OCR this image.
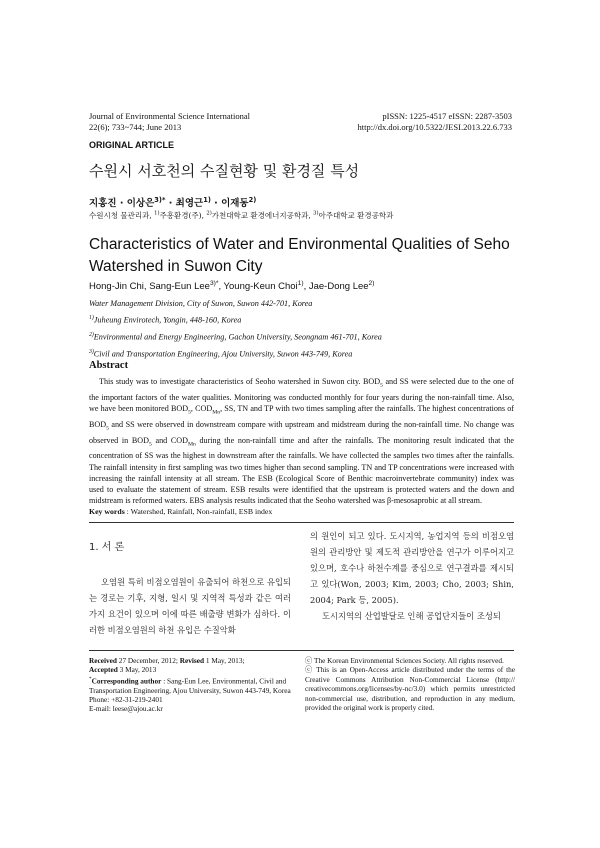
Journal of Environmental Science International
22(6); 733~744; June 2013
pISSN: 1225-4517 eISSN: 2287-3503
http://dx.doi.org/10.5322/JESI.2013.22.6.733
ORIGINAL ARTICLE
수원시 서호천의 수질현황 및 환경질 특성
지홍진 · 이상은$^{3)*}$ · 최영근$^{1)}$ · 이재동$^{2)}$
수원시청 물관리과, $^{1)}$주흥환경(주), $^{2)}$가천대학교 환경에너지공학과, $^{3)}$아주대학교 환경공학과
Characteristics of Water and Environmental Qualities of Seho Watershed in Suwon City
Hong-Jin Chi, Sang-Eun Lee$^{3)*}$, Young-Keun Choi$^{1)}$, Jae-Dong Lee$^{2)}$
Water Management Division, City of Suwon, Suwon 442-701, Korea
$^{1)}$Juheung Envirotech, Yongin, 448-160, Korea
$^{2)}$Environmental and Energy Engineering, Gachon University, Seongnam 461-701, Korea
$^{3)}$Civil and Transportation Engineering, Ajou University, Suwon 443-749, Korea
Abstract
This study was to investigate characteristics of Seoho watershed in Suwon city. $BOD_5$ and SS were selected due to the one of the important factors of the water qualities. Monitoring was conducted monthly for four years during the non-rainfall time. Also, we have been monitored $BOD_5$, $COD_{Mn}$, SS, TN and TP with two times sampling after the rainfalls. The highest concentrations of $BOD_5$ and SS were observed in downstream compare with upstream and midstream during the non-rainfall time. No change was observed in $BOD_5$ and $COD_{Mn}$ during the non-rainfall time and after the rainfalls. The monitoring result indicated that the concentration of SS was the highest in downstream after the rainfalls. We have collected the samples two times after the rainfalls. The rainfall intensity in first sampling was two times higher than second sampling. TN and TP concentrations were increased with increasing the rainfall intensity at all stream. The ESB (Ecological Score of Benthic macroinvertebrate community) index was used to evaluate the statement of stream. ESB results were identified that the upstream is protected waters and the down and midstream is reformed waters. EBS analysis results indicated that the Seoho watershed was β-mesosaprobic at all stream.
Key words : Watershed, Rainfall, Non-rainfall, ESB index
1. 서 론

오염원 특히 비점오염원이 유출되어 하천으로 유입되는 경로는 기후, 지형, 일시 및 지역적 특성과 같은 여러 가지 요건이 있으며 이에 따른 배출량 변화가 심하다. 이러한 비점오염원의 하천 유입은 수질악화

의 원인이 되고 있다. 도시지역, 농업지역 등의 비점오염원의 관리방안 및 제도적 관리방안을 연구가 이루어지고 있으며, 호수나 하천수계를 중심으로 연구결과를 제시되고 있다(Won, 2003; Kim, 2003; Cho, 2003; Shin, 2004; Park 등, 2005).

도시지역의 산업발달로 인해 공업단지들이 조성되

Received 27 December, 2012; Revised 1 May, 2013;
Accepted 3 May, 2013
*Corresponding author : Sang-Eun Lee, Environmental, Civil and Transportation Engineering, Ajou University, Suwon 443-749, Korea
Phone: +82-31-219-2401
E-mail: leese@ajou.ac.kr
ⓒ The Korean Environmental Sciences Society. All rights reserved.
ⓒ This is an Open-Access article distributed under the terms of the Creative Commons Attribution Non-Commercial License (http:// creativecommons.org/licenses/by-nc/3.0) which permits unrestricted non-commercial use, distribution, and reproduction in any medium, provided the original work is properly cited.
